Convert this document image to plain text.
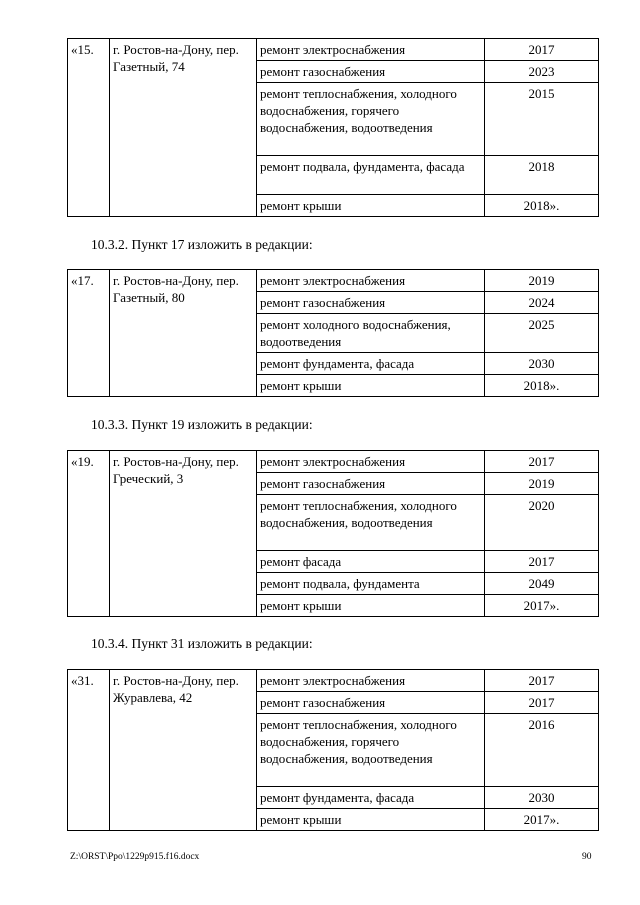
«15.	г. Ростов-на-Дону, пер. Газетный, 74	ремонт электроснабжения	2017
		ремонт газоснабжения	2023
		ремонт теплоснабжения, холодного водоснабжения, горячего водоснабжения, водоотведения	2015
		ремонт подвала, фундамента, фасада	2018
		ремонт крыши	2018».
10.3.2. Пункт 17 изложить в редакции:
«17.	г. Ростов-на-Дону, пер. Газетный, 80	ремонт электроснабжения	2019
		ремонт газоснабжения	2024
		ремонт холодного водоснабжения, водоотведения	2025
		ремонт фундамента, фасада	2030
		ремонт крыши	2018».
10.3.3. Пункт 19 изложить в редакции:
«19.	г. Ростов-на-Дону, пер. Греческий, 3	ремонт электроснабжения	2017
		ремонт газоснабжения	2019
		ремонт теплоснабжения, холодного водоснабжения, водоотведения	2020
		ремонт фасада	2017
		ремонт подвала, фундамента	2049
		ремонт крыши	2017».
10.3.4. Пункт 31 изложить в редакции:
«31.	г. Ростов-на-Дону, пер. Журавлева, 42	ремонт электроснабжения	2017
		ремонт газоснабжения	2017
		ремонт теплоснабжения, холодного водоснабжения, горячего водоснабжения, водоотведения	2016
		ремонт фундамента, фасада	2030
		ремонт крыши	2017».
Z:\ORST\Ppo\1229p915.f16.docx	90
